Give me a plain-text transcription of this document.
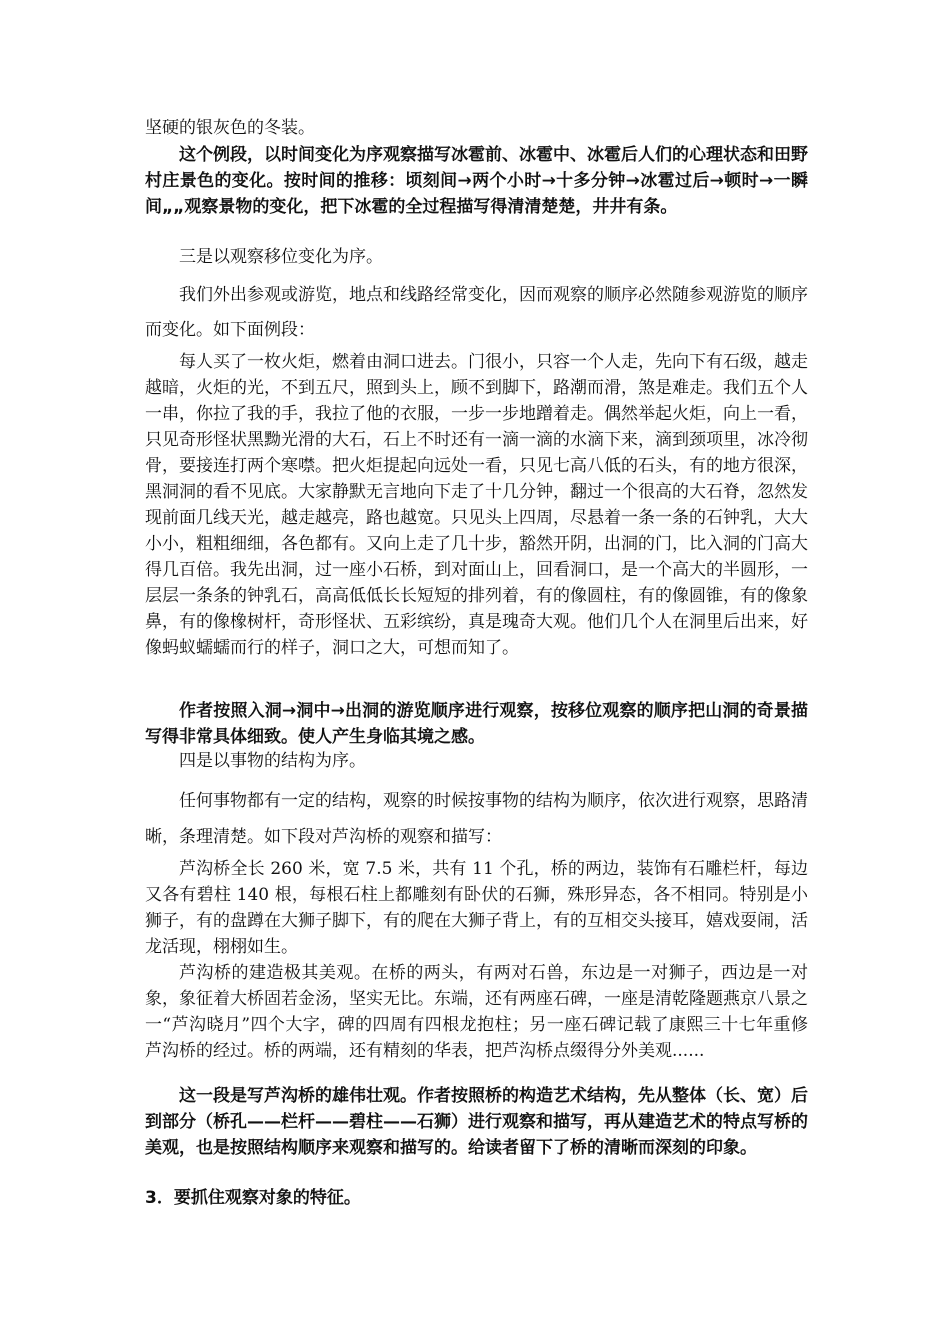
坚硬的银灰色的冬装。

这个例段，以时间变化为序观察描写冰雹前、冰雹中、冰雹后人们的心理状态和田野村庄景色的变化。按时间的推移：顷刻间→两个小时→十多分钟→冰雹过后→顿时→一瞬间„„观察景物的变化，把下冰雹的全过程描写得清清楚楚，井井有条。

三是以观察移位变化为序。

我们外出参观或游览，地点和线路经常变化，因而观察的顺序必然随参观游览的顺序而变化。如下面例段：

每人买了一枚火炬，燃着由洞口进去。门很小，只容一个人走，先向下有石级，越走越暗，火炬的光，不到五尺，照到头上，顾不到脚下，路潮而滑，煞是难走。我们五个人一串，你拉了我的手，我拉了他的衣服，一步一步地蹭着走。偶然举起火炬，向上一看，只见奇形怪状黑黝光滑的大石，石上不时还有一滴一滴的水滴下来，滴到颈项里，冰冷彻骨，要接连打两个寒噤。把火炬提起向远处一看，只见七高八低的石头，有的地方很深，黑洞洞的看不见底。大家静默无言地向下走了十几分钟，翻过一个很高的大石脊，忽然发现前面几线天光，越走越亮，路也越宽。只见头上四周，尽悬着一条一条的石钟乳，大大小小，粗粗细细，各色都有。又向上走了几十步，豁然开阴，出洞的门，比入洞的门高大得几百倍。我先出洞，过一座小石桥，到对面山上，回看洞口，是一个高大的半圆形，一层层一条条的钟乳石，高高低低长长短短的排列着，有的像圆柱，有的像圆锥，有的像象鼻，有的像橡树杆，奇形怪状、五彩缤纷，真是瑰奇大观。他们几个人在洞里后出来，好像蚂蚁蠕蠕而行的样子，洞口之大，可想而知了。

作者按照入洞→洞中→出洞的游览顺序进行观察，按移位观察的顺序把山洞的奇景描写得非常具体细致。使人产生身临其境之感。

四是以事物的结构为序。

任何事物都有一定的结构，观察的时候按事物的结构为顺序，依次进行观察，思路清晰，条理清楚。如下段对芦沟桥的观察和描写：

芦沟桥全长 260 米，宽 7.5 米，共有 11 个孔，桥的两边，装饰有石雕栏杆，每边又各有碧柱 140 根，每根石柱上都雕刻有卧伏的石狮，殊形异态，各不相同。特别是小狮子，有的盘蹲在大狮子脚下，有的爬在大狮子背上，有的互相交头接耳，嬉戏耍闹，活龙活现，栩栩如生。

芦沟桥的建造极其美观。在桥的两头，有两对石兽，东边是一对狮子，西边是一对象，象征着大桥固若金汤，坚实无比。东端，还有两座石碑，一座是清乾隆题燕京八景之一“芦沟晓月”四个大字，碑的四周有四根龙抱柱；另一座石碑记载了康熙三十七年重修芦沟桥的经过。桥的两端，还有精刻的华表，把芦沟桥点缀得分外美观......

这一段是写芦沟桥的雄伟壮观。作者按照桥的构造艺术结构，先从整体（长、宽）后到部分（桥孔——栏杆——碧柱——石狮）进行观察和描写，再从建造艺术的特点写桥的美观，也是按照结构顺序来观察和描写的。给读者留下了桥的清晰而深刻的印象。

3．要抓住观察对象的特征。
